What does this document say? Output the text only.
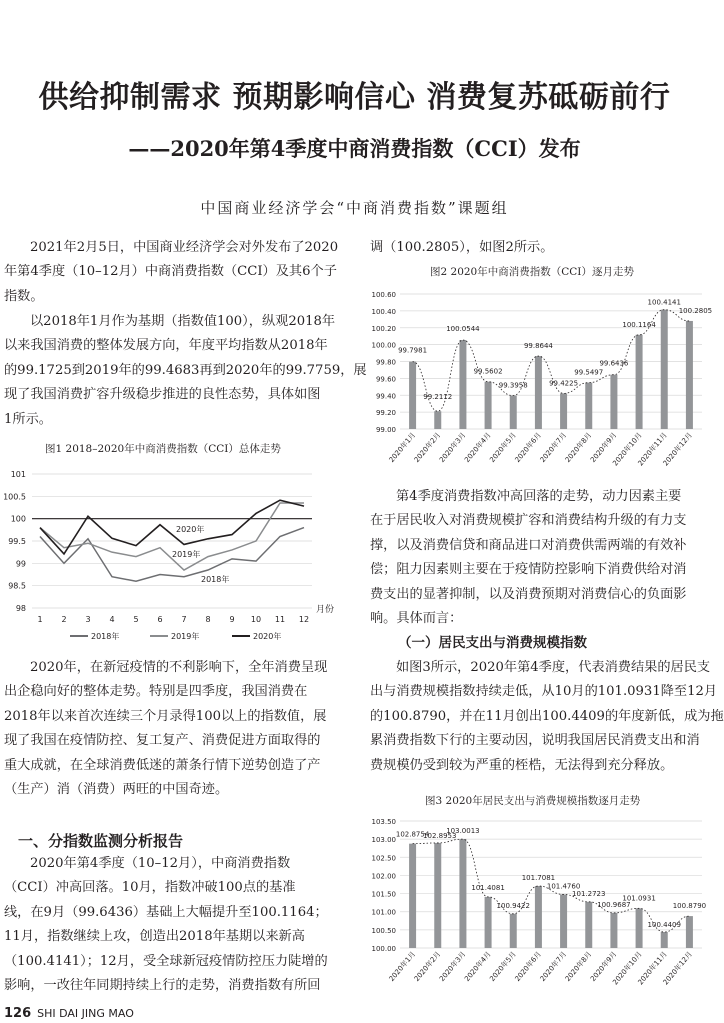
供给抑制需求 预期影响信心 消费复苏砥砺前行
——2020年第4季度中商消费指数（CCI）发布
中国商业经济学会“中商消费指数”课题组
2021年2月5日，中国商业经济学会对外发布了2020
年第4季度（10–12月）中商消费指数（CCI）及其6个子
指数。
以2018年1月作为基期（指数值100），纵观2018年
以来我国消费的整体发展方向，年度平均指数从2018年
的99.1725到2019年的99.4683再到2020年的99.7759，展
现了我国消费扩容升级稳步推进的良性态势，具体如图
1所示。
图1 2018–2020年中商消费指数（CCI）总体走势
98
98.5
99
99.5
100
100.5
101
1 2 3 4 5 6 7 8 9 10 11 12
月份
2020年
2019年
2018年
2018年	2019年	2020年
2020年，在新冠疫情的不利影响下，全年消费呈现
出企稳向好的整体走势。特别是四季度，我国消费在
2018年以来首次连续三个月录得100以上的指数值，展
现了我国在疫情防控、复工复产、消费促进方面取得的
重大成就，在全球消费低迷的萧条行情下逆势创造了产
（生产）消（消费）两旺的中国奇迹。
一、分指数监测分析报告
2020年第4季度（10–12月），中商消费指数
（CCI）冲高回落。10月，指数冲破100点的基准
线，在9月（99.6436）基础上大幅提升至100.1164；
11月，指数继续上攻，创造出2018年基期以来新高
（100.4141）；12月，受全球新冠疫情防控压力陡增的
影响，一改往年同期持续上行的走势，消费指数有所回
调（100.2805），如图2所示。
图2 2020年中商消费指数（CCI）逐月走势
99.00
99.20
99.40
99.60
99.80
100.00
100.20
100.40
100.60
99.7981
99.2112
100.0544
99.5602
99.3958
99.8644
99.4225
99.5497
99.6436
100.1164
100.4141
100.2805
2020年1月
2020年2月
2020年3月
2020年4月
2020年5月
2020年6月
2020年7月
2020年8月
2020年9月
2020年10月
2020年11月
2020年12月
第4季度消费指数冲高回落的走势，动力因素主要
在于居民收入对消费规模扩容和消费结构升级的有力支
撑，以及消费信贷和商品进口对消费供需两端的有效补
偿；阻力因素则主要在于疫情防控影响下消费供给对消
费支出的显著抑制，以及消费预期对消费信心的负面影
响。具体而言：
（一）居民支出与消费规模指数
如图3所示，2020年第4季度，代表消费结果的居民支
出与消费规模指数持续走低，从10月的101.0931降至12月
的100.8790，并在11月创出100.4409的年度新低，成为拖
累消费指数下行的主要动因，说明我国居民消费支出和消
费规模仍受到较为严重的桎梏，无法得到充分释放。
图3 2020年居民支出与消费规模指数逐月走势
100.00
100.50
101.00
101.50
102.00
102.50
103.00
103.50
102.8754
102.8953
103.0013
101.4081
100.9422
101.7081
101.4760
101.2723
100.9687
101.0931
100.4409
100.8790
2020年1月
2020年2月
2020年3月
2020年4月
2020年5月
2020年6月
2020年7月
2020年8月
2020年9月
2020年10月
2020年11月
2020年12月
126 SHI DAI JING MAO
